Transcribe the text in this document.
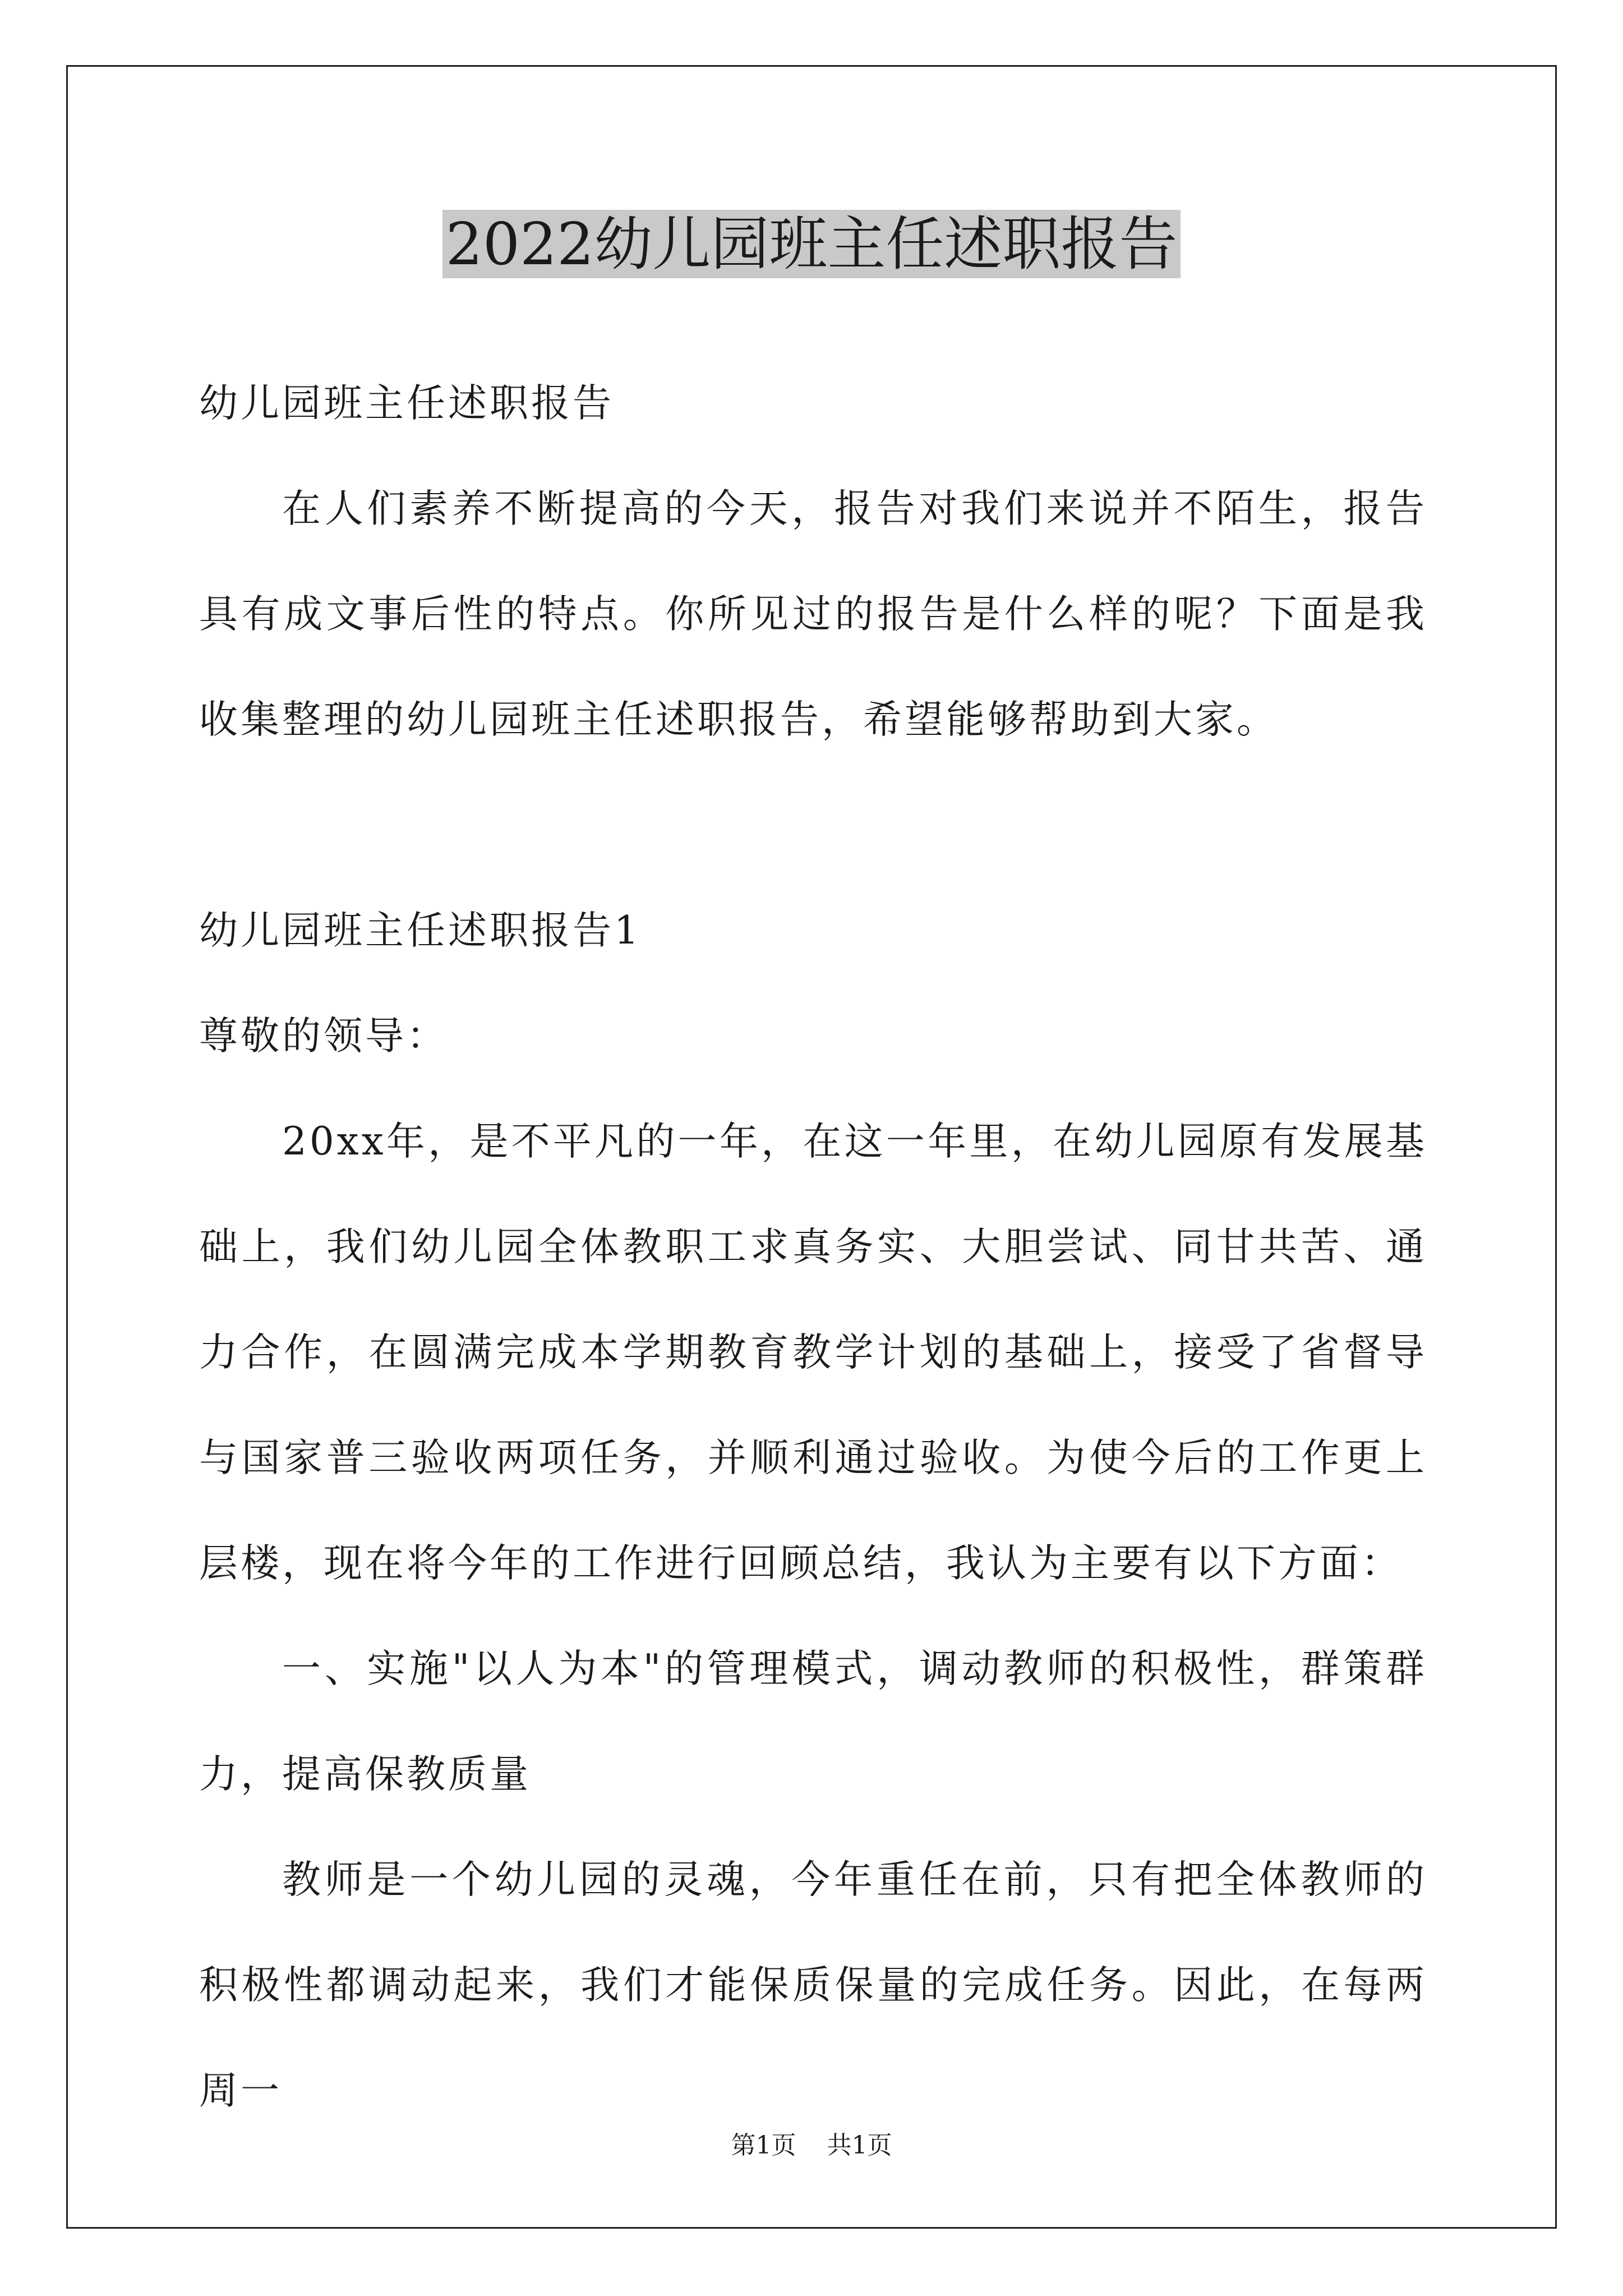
2022幼儿园班主任述职报告

幼儿园班主任述职报告

在人们素养不断提高的今天，报告对我们来说并不陌生，报告具有成文事后性的特点。你所见过的报告是什么样的呢？下面是我收集整理的幼儿园班主任述职报告，希望能够帮助到大家。

幼儿园班主任述职报告1

尊敬的领导：

20xx年，是不平凡的一年，在这一年里，在幼儿园原有发展基础上，我们幼儿园全体教职工求真务实、大胆尝试、同甘共苦、通力合作，在圆满完成本学期教育教学计划的基础上，接受了省督导与国家普三验收两项任务，并顺利通过验收。为使今后的工作更上层楼，现在将今年的工作进行回顾总结，我认为主要有以下方面：

一、实施"以人为本"的管理模式，调动教师的积极性，群策群力，提高保教质量

教师是一个幼儿园的灵魂，今年重任在前，只有把全体教师的积极性都调动起来，我们才能保质保量的完成任务。因此，在每两周一

第1页 共1页
